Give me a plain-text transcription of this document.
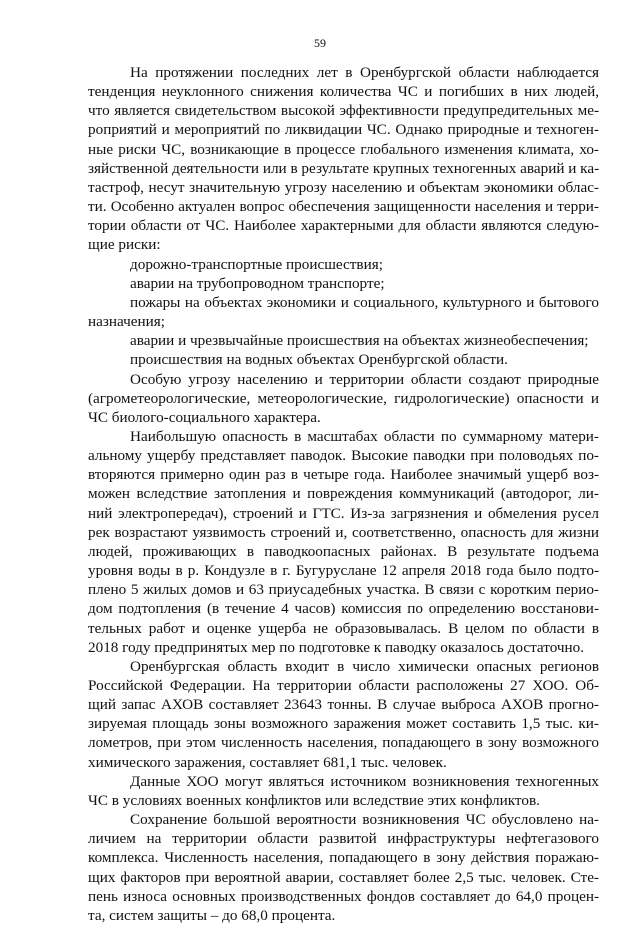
59
На протяжении последних лет в Оренбургской области наблюдается
тенденция неуклонного снижения количества ЧС и погибших в них людей,
что является свидетельством высокой эффективности предупредительных ме-
роприятий и мероприятий по ликвидации ЧС. Однако природные и техноген-
ные риски ЧС, возникающие в процессе глобального изменения климата, хо-
зяйственной деятельности или в результате крупных техногенных аварий и ка-
тастроф, несут значительную угрозу населению и объектам экономики облас-
ти. Особенно актуален вопрос обеспечения защищенности населения и терри-
тории области от ЧС. Наиболее характерными для области являются следую-
щие риски:
дорожно-транспортные происшествия;
аварии на трубопроводном транспорте;
пожары на объектах экономики и социального, культурного и бытового
назначения;
аварии и чрезвычайные происшествия на объектах жизнеобеспечения;
происшествия на водных объектах Оренбургской области.
Особую угрозу населению и территории области создают природные
(агрометеорологические, метеорологические, гидрологические) опасности и
ЧС биолого-социального характера.
Наибольшую опасность в масштабах области по суммарному матери-
альному ущербу представляет паводок. Высокие паводки при половодьях по-
вторяются примерно один раз в четыре года. Наиболее значимый ущерб воз-
можен вследствие затопления и повреждения коммуникаций (автодорог, ли-
ний электропередач), строений и ГТС. Из-за загрязнения и обмеления русел
рек возрастают уязвимость строений и, соответственно, опасность для жизни
людей, проживающих в паводкоопасных районах. В результате подъема
уровня воды в р. Кондузле в г. Бугуруслане 12 апреля 2018 года было подто-
плено 5 жилых домов и 63 приусадебных участка. В связи с коротким перио-
дом подтопления (в течение 4 часов) комиссия по определению восстанови-
тельных работ и оценке ущерба не образовывалась. В целом по области в
2018 году предпринятых мер по подготовке к паводку оказалось достаточно.
Оренбургская область входит в число химически опасных регионов
Российской Федерации. На территории области расположены 27 ХОО. Об-
щий запас АХОВ составляет 23643 тонны. В случае выброса АХОВ прогно-
зируемая площадь зоны возможного заражения может составить 1,5 тыс. ки-
лометров, при этом численность населения, попадающего в зону возможного
химического заражения, составляет 681,1 тыс. человек.
Данные ХОО могут являться источником возникновения техногенных
ЧС в условиях военных конфликтов или вследствие этих конфликтов.
Сохранение большой вероятности возникновения ЧС обусловлено на-
личием на территории области развитой инфраструктуры нефтегазового
комплекса. Численность населения, попадающего в зону действия поражаю-
щих факторов при вероятной аварии, составляет более 2,5 тыс. человек. Сте-
пень износа основных производственных фондов составляет до 64,0 процен-
та, систем защиты – до 68,0 процента.
